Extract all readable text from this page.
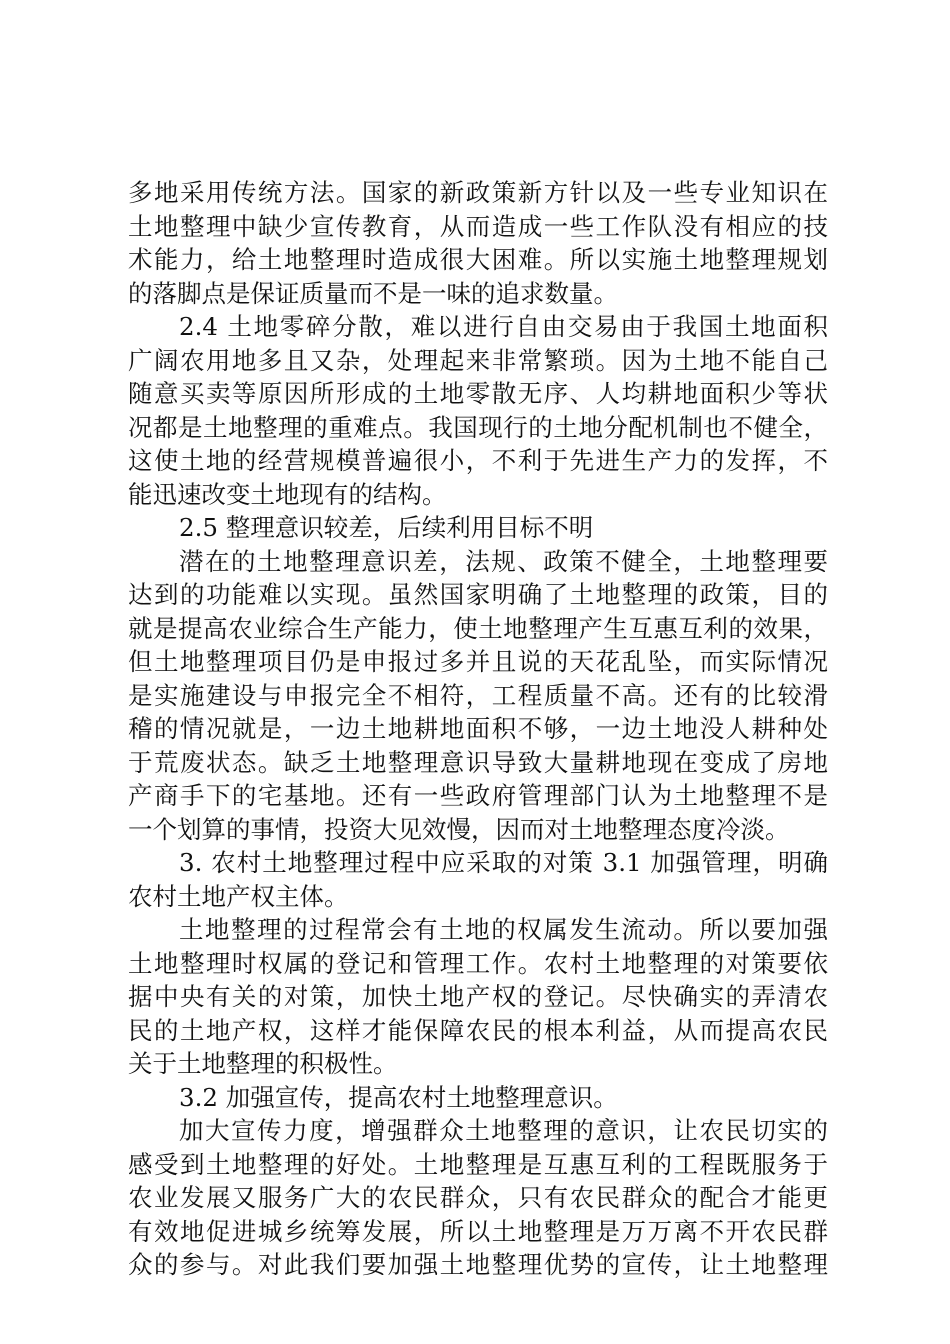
多地采用传统方法。国家的新政策新方针以及一些专业知识在
土地整理中缺少宣传教育，从而造成一些工作队没有相应的技
术能力，给土地整理时造成很大困难。所以实施土地整理规划
的落脚点是保证质量而不是一味的追求数量。
2.4 土地零碎分散，难以进行自由交易由于我国土地面积
广阔农用地多且又杂，处理起来非常繁琐。因为土地不能自己
随意买卖等原因所形成的土地零散无序、人均耕地面积少等状
况都是土地整理的重难点。我国现行的土地分配机制也不健全，
这使土地的经营规模普遍很小，不利于先进生产力的发挥，不
能迅速改变土地现有的结构。
2.5 整理意识较差，后续利用目标不明
潜在的土地整理意识差，法规、政策不健全，土地整理要
达到的功能难以实现。虽然国家明确了土地整理的政策，目的
就是提高农业综合生产能力，使土地整理产生互惠互利的效果，
但土地整理项目仍是申报过多并且说的天花乱坠，而实际情况
是实施建设与申报完全不相符，工程质量不高。还有的比较滑
稽的情况就是，一边土地耕地面积不够，一边土地没人耕种处
于荒废状态。缺乏土地整理意识导致大量耕地现在变成了房地
产商手下的宅基地。还有一些政府管理部门认为土地整理不是
一个划算的事情，投资大见效慢，因而对土地整理态度冷淡。
3. 农村土地整理过程中应采取的对策 3.1 加强管理，明确
农村土地产权主体。
土地整理的过程常会有土地的权属发生流动。所以要加强
土地整理时权属的登记和管理工作。农村土地整理的对策要依
据中央有关的对策，加快土地产权的登记。尽快确实的弄清农
民的土地产权，这样才能保障农民的根本利益，从而提高农民
关于土地整理的积极性。
3.2 加强宣传，提高农村土地整理意识。
加大宣传力度，增强群众土地整理的意识，让农民切实的
感受到土地整理的好处。土地整理是互惠互利的工程既服务于
农业发展又服务广大的农民群众，只有农民群众的配合才能更
有效地促进城乡统筹发展，所以土地整理是万万离不开农民群
众的参与。对此我们要加强土地整理优势的宣传，让土地整理
